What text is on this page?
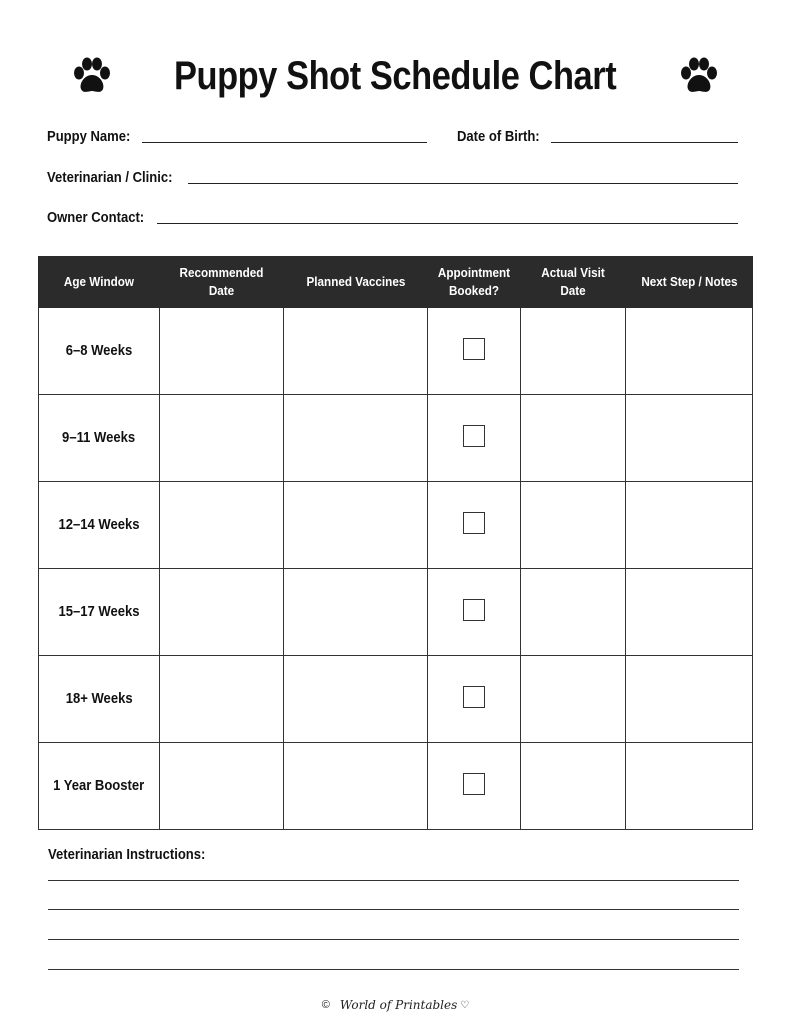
Puppy Shot Schedule Chart
Puppy Name:	Date of Birth:
Veterinarian / Clinic:
Owner Contact:
Age Window	Recommended Date	Planned Vaccines	Appointment Booked?	Actual Visit Date	Next Step / Notes
6–8 Weeks					
9–11 Weeks					
12–14 Weeks					
15–17 Weeks					
18+ Weeks					
1 Year Booster					
Veterinarian Instructions:
© World of Printables ♡
